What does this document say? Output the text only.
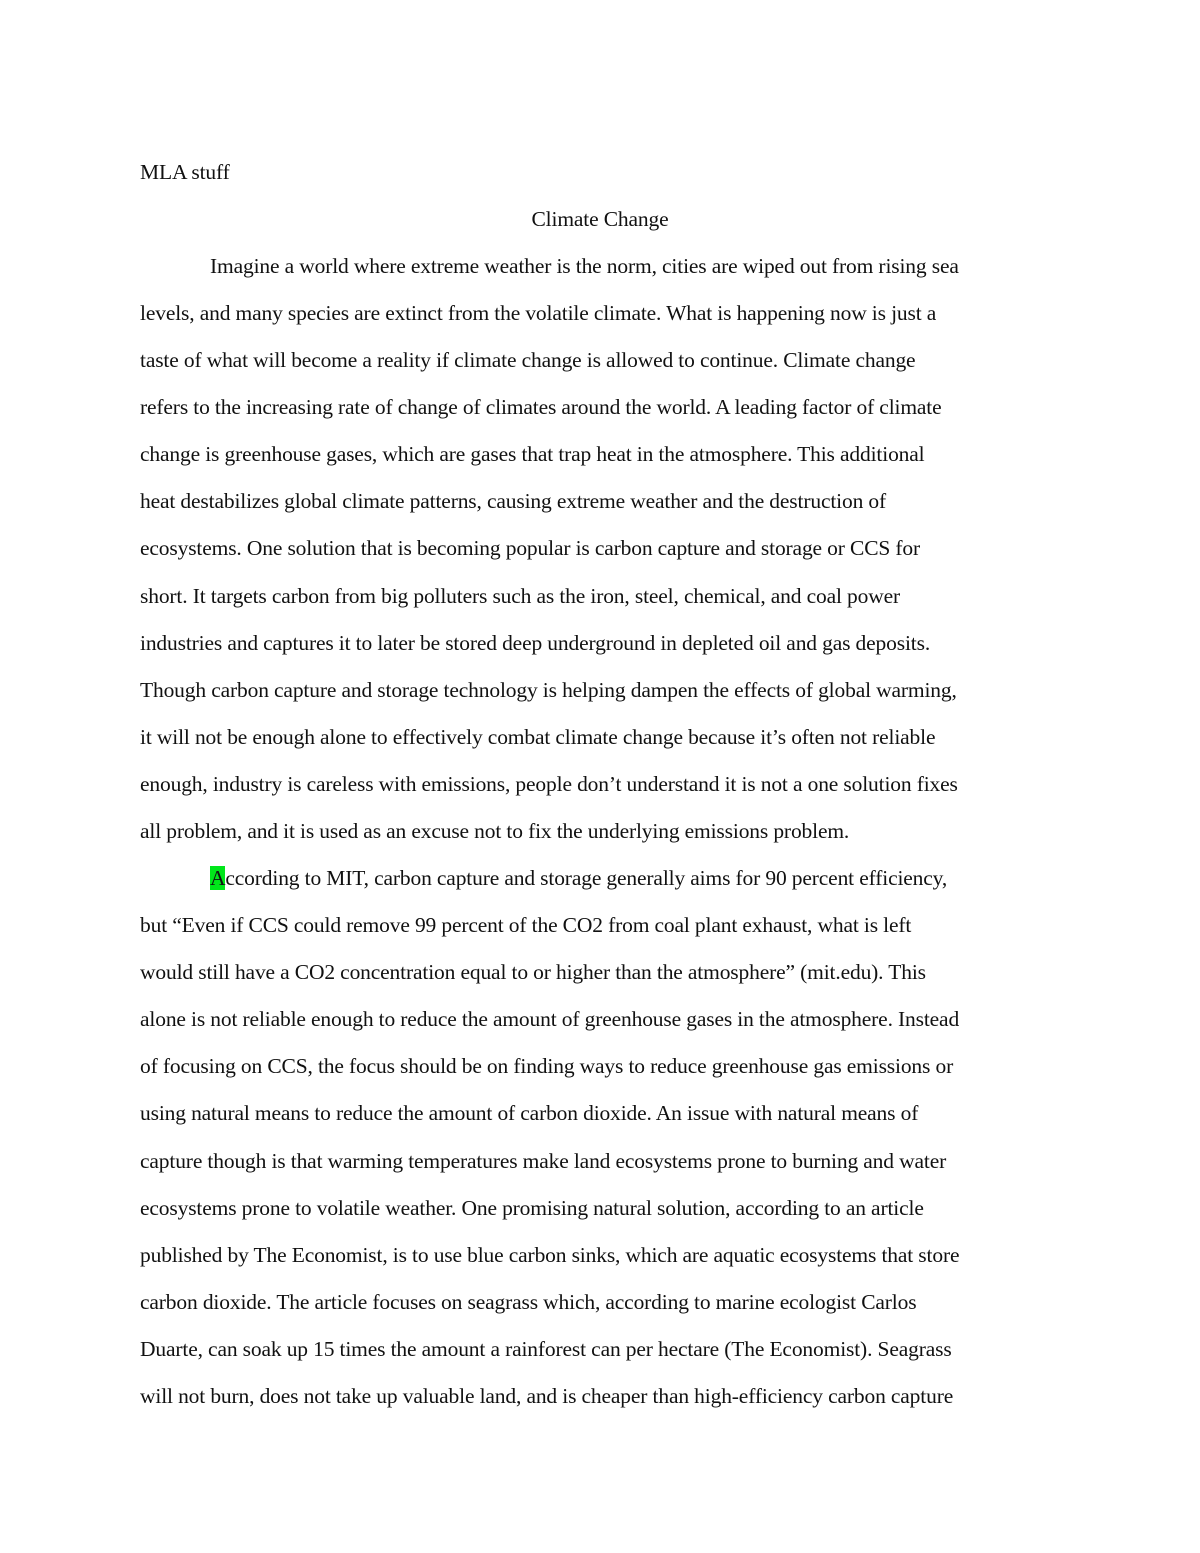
MLA stuff
Climate Change
Imagine a world where extreme weather is the norm, cities are wiped out from rising sea
levels, and many species are extinct from the volatile climate. What is happening now is just a
taste of what will become a reality if climate change is allowed to continue. Climate change
refers to the increasing rate of change of climates around the world. A leading factor of climate
change is greenhouse gases, which are gases that trap heat in the atmosphere. This additional
heat destabilizes global climate patterns, causing extreme weather and the destruction of
ecosystems. One solution that is becoming popular is carbon capture and storage or CCS for
short. It targets carbon from big polluters such as the iron, steel, chemical, and coal power
industries and captures it to later be stored deep underground in depleted oil and gas deposits.
Though carbon capture and storage technology is helping dampen the effects of global warming,
it will not be enough alone to effectively combat climate change because it’s often not reliable
enough, industry is careless with emissions, people don’t understand it is not a one solution fixes
all problem, and it is used as an excuse not to fix the underlying emissions problem.
According to MIT, carbon capture and storage generally aims for 90 percent efficiency,
but “Even if CCS could remove 99 percent of the CO2 from coal plant exhaust, what is left
would still have a CO2 concentration equal to or higher than the atmosphere” (mit.edu). This
alone is not reliable enough to reduce the amount of greenhouse gases in the atmosphere. Instead
of focusing on CCS, the focus should be on finding ways to reduce greenhouse gas emissions or
using natural means to reduce the amount of carbon dioxide. An issue with natural means of
capture though is that warming temperatures make land ecosystems prone to burning and water
ecosystems prone to volatile weather. One promising natural solution, according to an article
published by The Economist, is to use blue carbon sinks, which are aquatic ecosystems that store
carbon dioxide. The article focuses on seagrass which, according to marine ecologist Carlos
Duarte, can soak up 15 times the amount a rainforest can per hectare (The Economist). Seagrass
will not burn, does not take up valuable land, and is cheaper than high-efficiency carbon capture
